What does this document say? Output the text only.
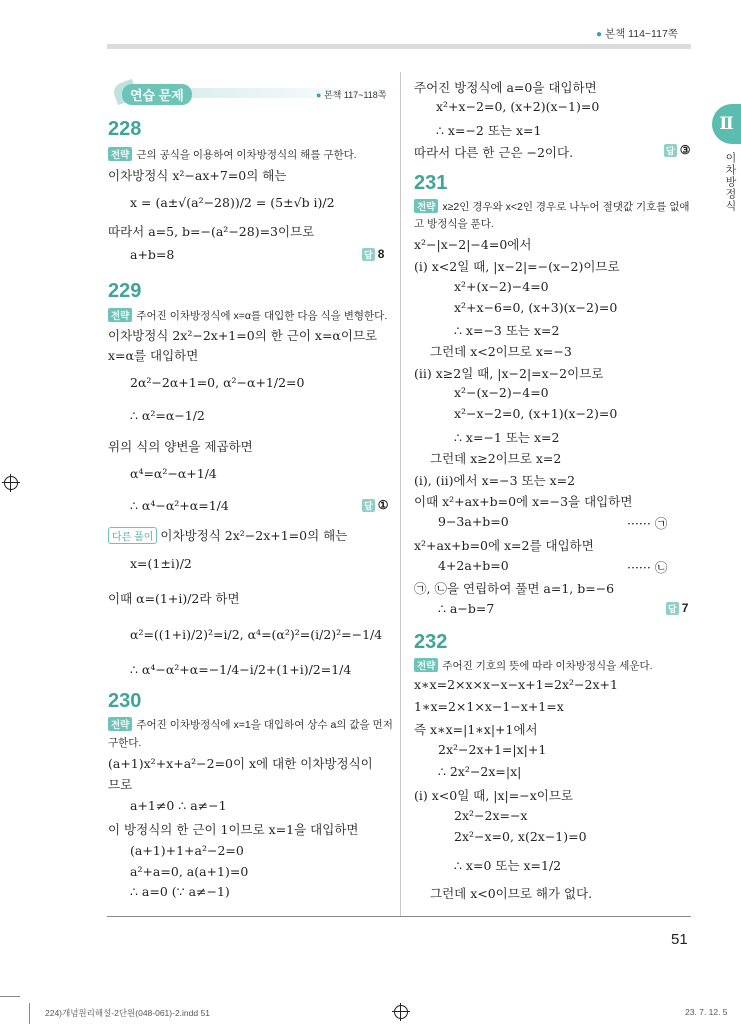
● 본책 114~117쪽
Ⅱ
이차방정식
연습 문제	● 본책 117~118쪽
228
전략 근의 공식을 이용하여 이차방정식의 해를 구한다.
이차방정식 x²−ax+7=0의 해는
x = (a±√(a²−28))/2 = (5±√b i)/2
따라서 a=5, b=−(a²−28)=3이므로
a+b=8	답 8
229
전략 주어진 이차방정식에 x=α를 대입한 다음 식을 변형한다.
이차방정식 2x²−2x+1=0의 한 근이 x=α이므로
x=α를 대입하면
2α²−2α+1=0, α²−α+1/2=0
∴ α²=α−1/2
위의 식의 양변을 제곱하면
α⁴=α²−α+1/4
∴ α⁴−α²+α=1/4	답 ①
다른 풀이 이차방정식 2x²−2x+1=0의 해는
x=(1±i)/2
이때 α=(1+i)/2라 하면
α²=((1+i)/2)²=i/2, α⁴=(α²)²=(i/2)²=−1/4
∴ α⁴−α²+α=−1/4−i/2+(1+i)/2=1/4
230
전략 주어진 이차방정식에 x=1을 대입하여 상수 a의 값을 먼저
구한다.
(a+1)x²+x+a²−2=0이 x에 대한 이차방정식이
므로
a+1≠0 ∴ a≠−1
이 방정식의 한 근이 1이므로 x=1을 대입하면
(a+1)+1+a²−2=0
a²+a=0, a(a+1)=0
∴ a=0 (∵ a≠−1)
주어진 방정식에 a=0을 대입하면
x²+x−2=0, (x+2)(x−1)=0
∴ x=−2 또는 x=1
따라서 다른 한 근은 −2이다.	답 ③
231
전략 x≥2인 경우와 x<2인 경우로 나누어 절댓값 기호를 없애
고 방정식을 푼다.
x²−|x−2|−4=0에서
(i) x<2일 때, |x−2|=−(x−2)이므로
x²+(x−2)−4=0
x²+x−6=0, (x+3)(x−2)=0
∴ x=−3 또는 x=2
그런데 x<2이므로 x=−3
(ii) x≥2일 때, |x−2|=x−2이므로
x²−(x−2)−4=0
x²−x−2=0, (x+1)(x−2)=0
∴ x=−1 또는 x=2
그런데 x≥2이므로 x=2
(i), (ii)에서 x=−3 또는 x=2
이때 x²+ax+b=0에 x=−3을 대입하면
9−3a+b=0	······ ㉠
x²+ax+b=0에 x=2를 대입하면
4+2a+b=0	······ ㉡
㉠, ㉡을 연립하여 풀면 a=1, b=−6
∴ a−b=7	답 7
232
전략 주어진 기호의 뜻에 따라 이차방정식을 세운다.
x∗x=2×x×x−x−x+1=2x²−2x+1
1∗x=2×1×x−1−x+1=x
즉 x∗x=|1∗x|+1에서
2x²−2x+1=|x|+1
∴ 2x²−2x=|x|
(i) x<0일 때, |x|=−x이므로
2x²−2x=−x
2x²−x=0, x(2x−1)=0
∴ x=0 또는 x=1/2
그런데 x<0이므로 해가 없다.
51
224)개념원리해설-2단원(048-061)-2.indd 51	23. 7. 12. 5
